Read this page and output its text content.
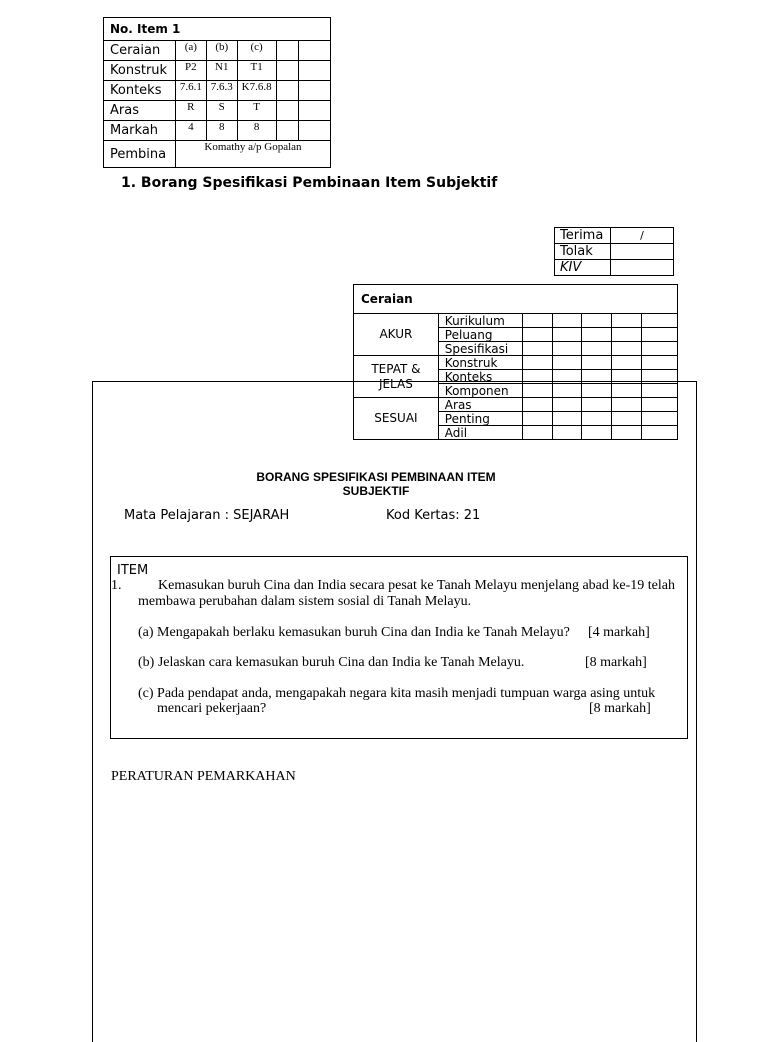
No. Item 1					
Ceraian	(a)	(b)	(c)		
Konstruk	P2	N1	T1		
Konteks	7.6.1	7.6.3	K7.6.8		
Aras	R	S	T		
Markah	4	8	8		
Pembina	Komathy a/p Gopalan				
1. Borang Spesifikasi Pembinaan Item Subjektif
Terima	/
Tolak	
KIV	
Ceraian						
AKUR	Kurikulum					
	Peluang					
	Spesifikasi					
TEPAT & JELAS	Konstruk					
	Konteks					
	Komponen					
SESUAI	Aras					
	Penting					
	Adil					
BORANG SPESIFIKASI PEMBINAAN ITEM SUBJEKTIF
Mata Pelajaran : SEJARAH	Kod Kertas: 21
ITEM
1.	Kemasukan buruh Cina dan India secara pesat ke Tanah Melayu menjelang abad ke-19 telah
membawa perubahan dalam sistem sosial di Tanah Melayu.
(a) Mengapakah berlaku kemasukan buruh Cina dan India ke Tanah Melayu? [4 markah]
(b) Jelaskan cara kemasukan buruh Cina dan India ke Tanah Melayu.	[8 markah]
(c) Pada pendapat anda, mengapakah negara kita masih menjadi tumpuan warga asing untuk
mencari pekerjaan?	[8 markah]
PERATURAN PEMARKAHAN
